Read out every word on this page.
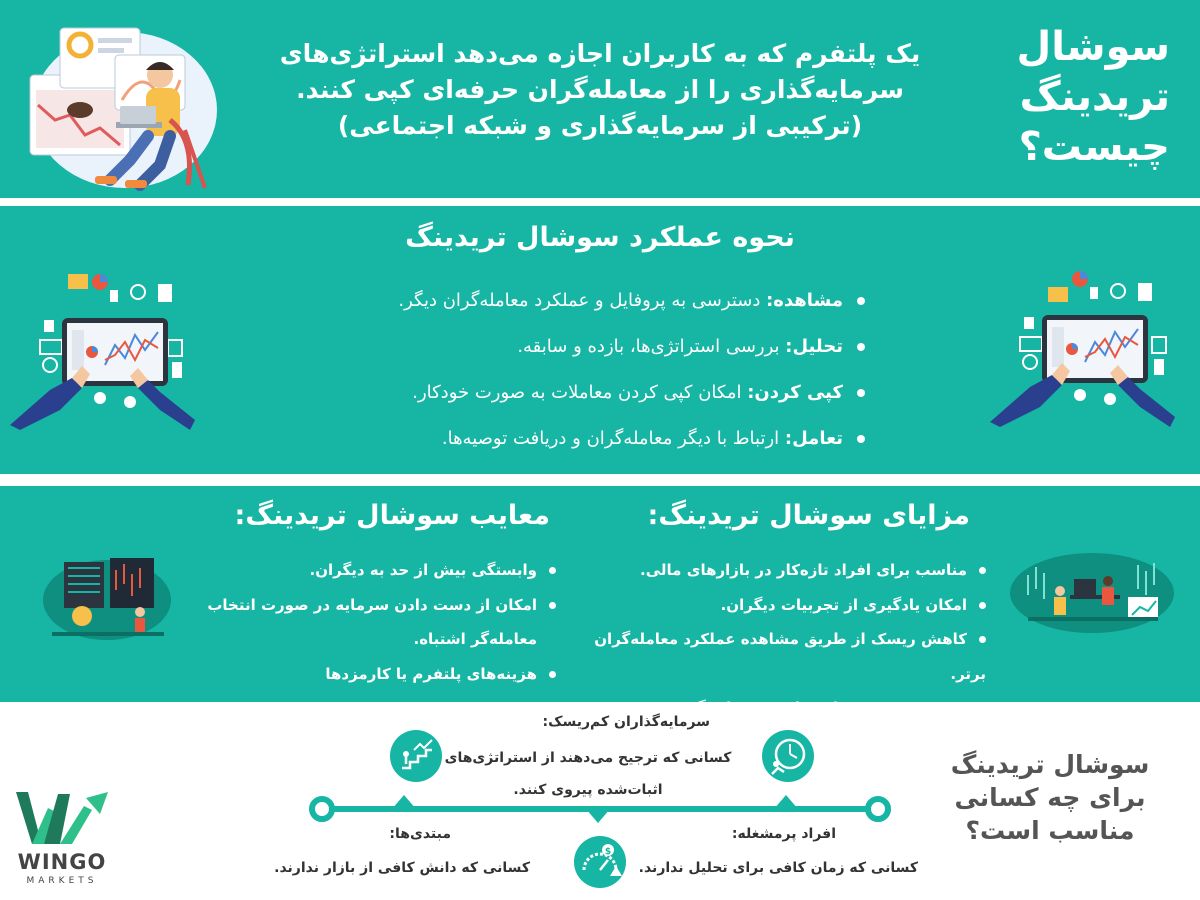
سوشال
تریدینگ
چیست؟
یک پلتفرم که به کاربران اجازه می‌دهد استراتژی‌های
سرمایه‌گذاری را از معامله‌گران حرفه‌ای کپی کنند.
(ترکیبی از سرمایه‌گذاری و شبکه اجتماعی)
نحوه عملکرد سوشال تریدینگ
مشاهده: دسترسی به پروفایل و عملکرد معامله‌گران دیگر.
تحلیل: بررسی استراتژی‌ها، بازده و سابقه.
کپی کردن: امکان کپی کردن معاملات به صورت خودکار.
تعامل: ارتباط با دیگر معامله‌گران و دریافت توصیه‌ها.
مزایای سوشال تریدینگ:
معایب سوشال تریدینگ:
مناسب برای افراد تازه‌کار در بازارهای مالی.
امکان یادگیری از تجربیات دیگران.
کاهش ریسک از طریق مشاهده عملکرد معامله‌گران برتر.
صرفه‌جویی در زمان برای تحقیقات گسترده.
وابستگی بیش از حد به دیگران.
امکان از دست دادن سرمایه در صورت انتخاب
معامله‌گر اشتباه.
هزینه‌های پلتفرم یا کارمزدها
سوشال تریدینگ
برای چه کسانی
مناسب است؟
$
سرمایه‌گذاران کم‌ریسک:
کسانی که ترجیح می‌دهند از استراتژی‌های
اثبات‌شده پیروی کنند.
افراد پرمشغله:
کسانی که زمان کافی برای تحلیل ندارند.
مبتدی‌ها:
کسانی که دانش کافی از بازار ندارند.
WINGO
MARKETS
